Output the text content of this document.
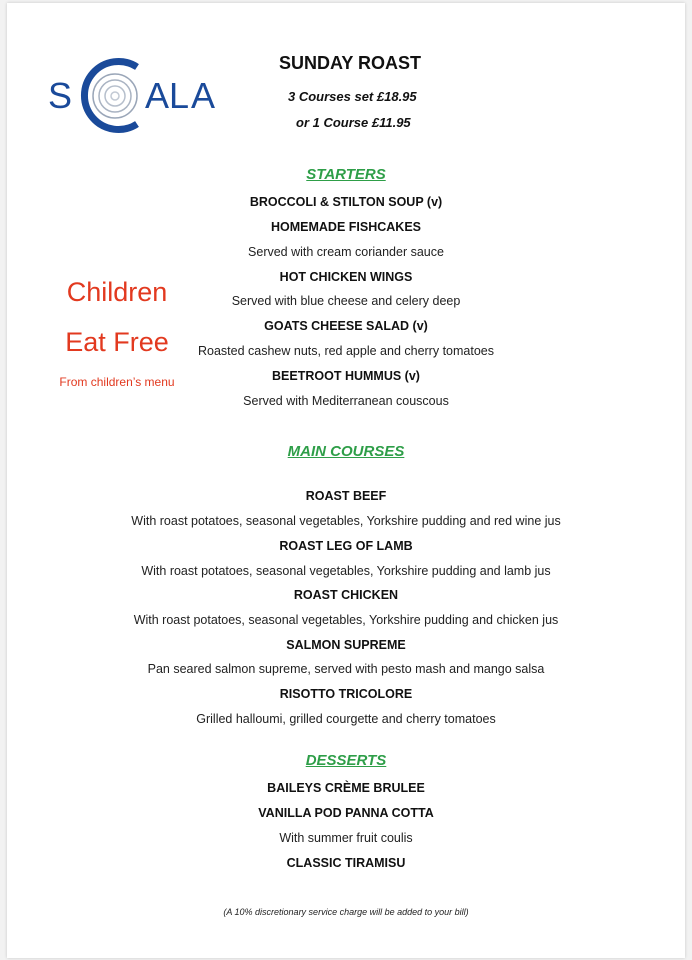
S A
L A
SUNDAY ROAST
3 Courses set £18.95
or 1 Course £11.95
Children
Eat Free
From children’s menu
STARTERS
BROCCOLI & STILTON SOUP (v)
HOMEMADE FISHCAKES
Served with cream coriander sauce
HOT CHICKEN WINGS
Served with blue cheese and celery deep
GOATS CHEESE SALAD (v)
Roasted cashew nuts, red apple and cherry tomatoes
BEETROOT HUMMUS (v)
Served with Mediterranean couscous
MAIN COURSES
ROAST BEEF
With roast potatoes, seasonal vegetables, Yorkshire pudding and red wine jus
ROAST LEG OF LAMB
With roast potatoes, seasonal vegetables, Yorkshire pudding and lamb jus
ROAST CHICKEN
With roast potatoes, seasonal vegetables, Yorkshire pudding and chicken jus
SALMON SUPREME
Pan seared salmon supreme, served with pesto mash and mango salsa
RISOTTO TRICOLORE
Grilled halloumi, grilled courgette and cherry tomatoes
DESSERTS
BAILEYS CRÈME BRULEE
VANILLA POD PANNA COTTA
With summer fruit coulis
CLASSIC TIRAMISU
(A 10% discretionary service charge will be added to your bill)
